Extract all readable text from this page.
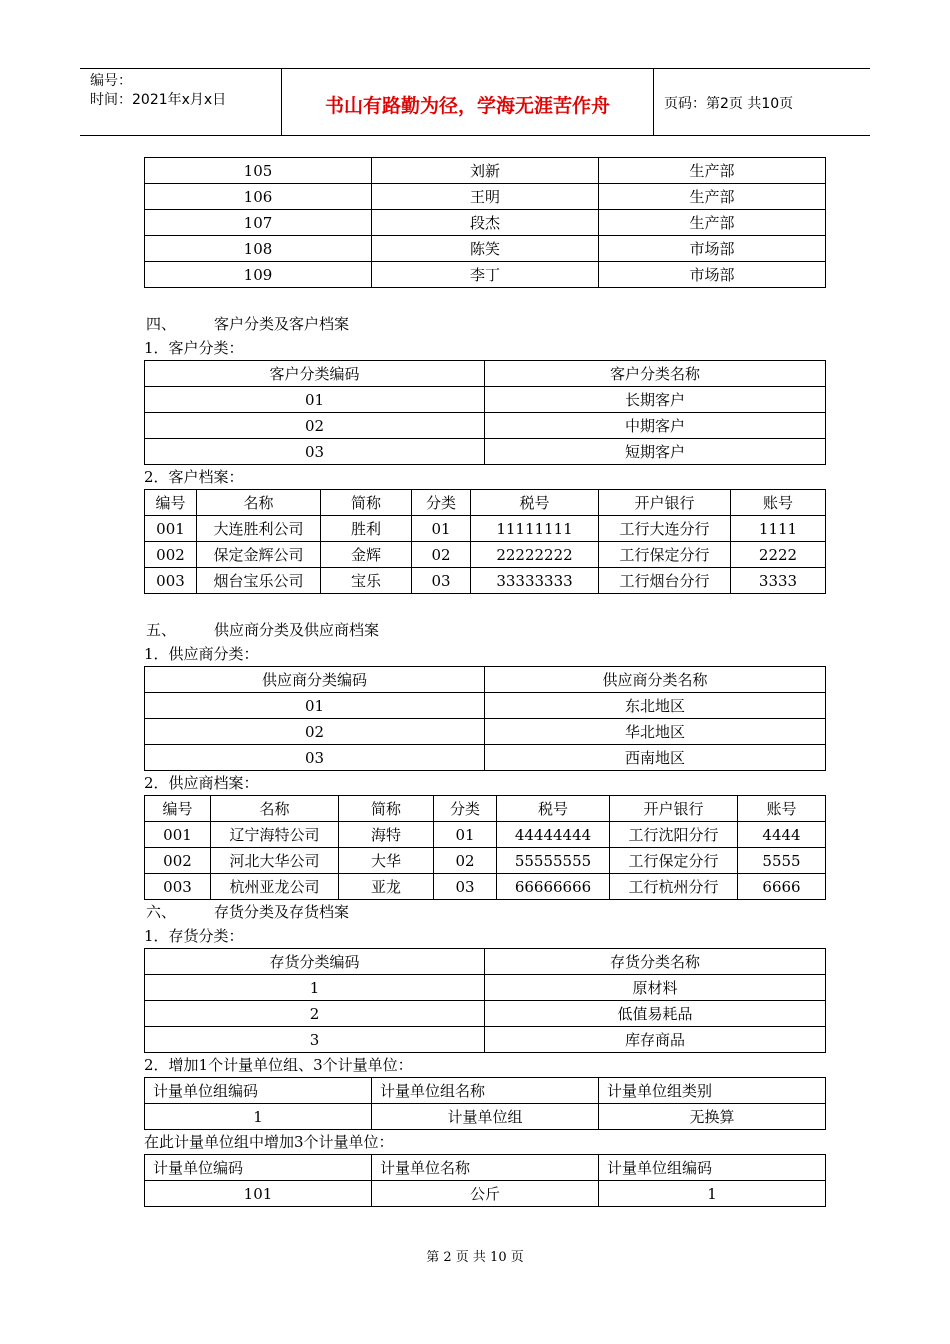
编号：
时间：2021年x月x日	书山有路勤为径，学海无涯苦作舟	页码：第2页 共10页
105	刘新	生产部
106	王明	生产部
107	段杰	生产部
108	陈笑	市场部
109	李丁	市场部
四、	客户分类及客户档案
1．客户分类：
客户分类编码	客户分类名称
01	长期客户
02	中期客户
03	短期客户
2．客户档案：
编号	名称	简称	分类	税号	开户银行	账号
001	大连胜利公司	胜利	01	11111111	工行大连分行	1111
002	保定金辉公司	金辉	02	22222222	工行保定分行	2222
003	烟台宝乐公司	宝乐	03	33333333	工行烟台分行	3333
五、	供应商分类及供应商档案
1．供应商分类：
供应商分类编码	供应商分类名称
01	东北地区
02	华北地区
03	西南地区
2．供应商档案：
编号	名称	简称	分类	税号	开户银行	账号
001	辽宁海特公司	海特	01	44444444	工行沈阳分行	4444
002	河北大华公司	大华	02	55555555	工行保定分行	5555
003	杭州亚龙公司	亚龙	03	66666666	工行杭州分行	6666
六、	存货分类及存货档案
1．存货分类：
存货分类编码	存货分类名称
1	原材料
2	低值易耗品
3	库存商品
2．增加1个计量单位组、3个计量单位：
计量单位组编码	计量单位组名称	计量单位组类别
1	计量单位组	无换算
在此计量单位组中增加3个计量单位：
计量单位编码	计量单位名称	计量单位组编码
101	公斤	1
第 2 页 共 10 页
